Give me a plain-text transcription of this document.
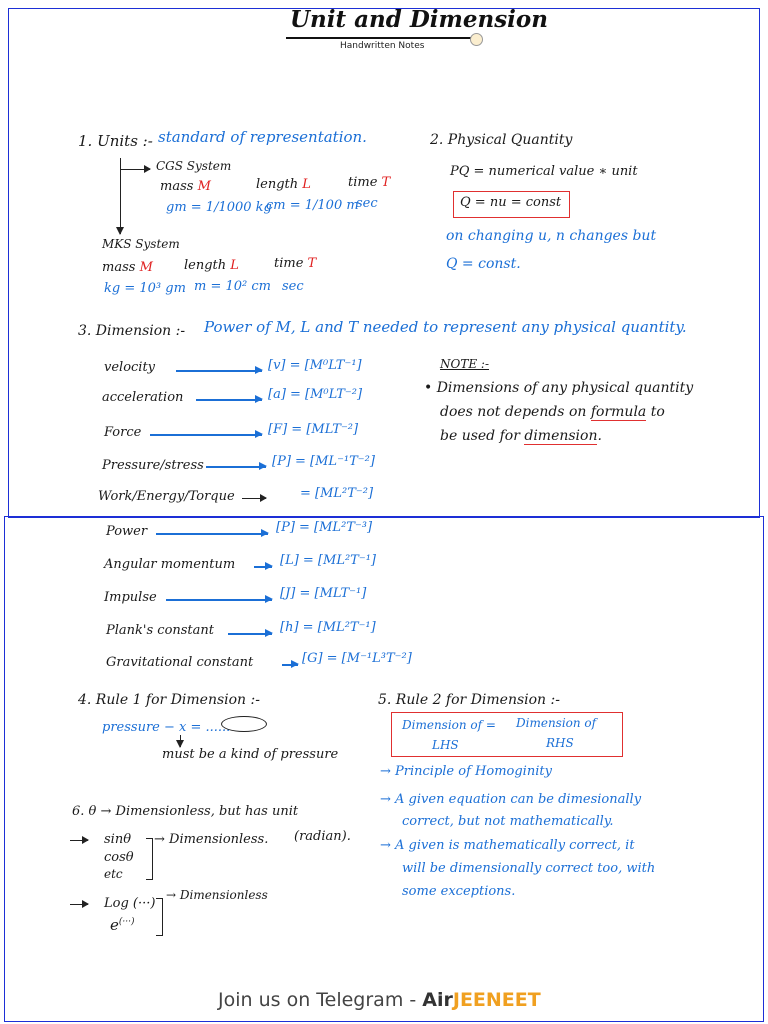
Unit and Dimension
Handwritten Notes
1. Units :- standard of representation.
CGS System
mass M	length L	time T
gm = 1/1000 kg
cm = 1/100 m
sec
MKS System
mass M length L	time T
kg = 10³ gm m = 10² cm sec
2. Physical Quantity
PQ = numerical value ∗ unit
Q = nu = const
on changing u, n changes but
Q = const.
3. Dimension :- Power of M, L and T needed to represent any physical quantity.
velocity	[v] = [M⁰LT⁻¹]
acceleration	[a] = [M⁰LT⁻²]
Force	[F] = [MLT⁻²]
Pressure/stress	[P] = [ML⁻¹T⁻²]
Work/Energy/Torque	= [ML²T⁻²]
Power	[P] = [ML²T⁻³]
Angular momentum	[L] = [ML²T⁻¹]
Impulse	[J] = [MLT⁻¹]
Plank's constant	[h] = [ML²T⁻¹]
Gravitational constant	[G] = [M⁻¹L³T⁻²]
NOTE :-
• Dimensions of any physical quantity
does not depends on formula to
be used for dimension.
4. Rule 1 for Dimension :-
pressure − x = ......
must be a kind of pressure
5. Rule 2 for Dimension :-
Dimension of =
LHS
Dimension of
RHS
→ Principle of Homoginity
→ A given equation can be dimesionally
correct, but not mathematically.
→ A given is mathematically correct, it
will be dimensionally correct too, with
some exceptions.
6. θ → Dimensionless, but has unit
(radian).
sinθ
cosθ
etc
→ Dimensionless.
Log (···)
e(···)
→ Dimensionless
Join us on Telegram - AirJEENEET
